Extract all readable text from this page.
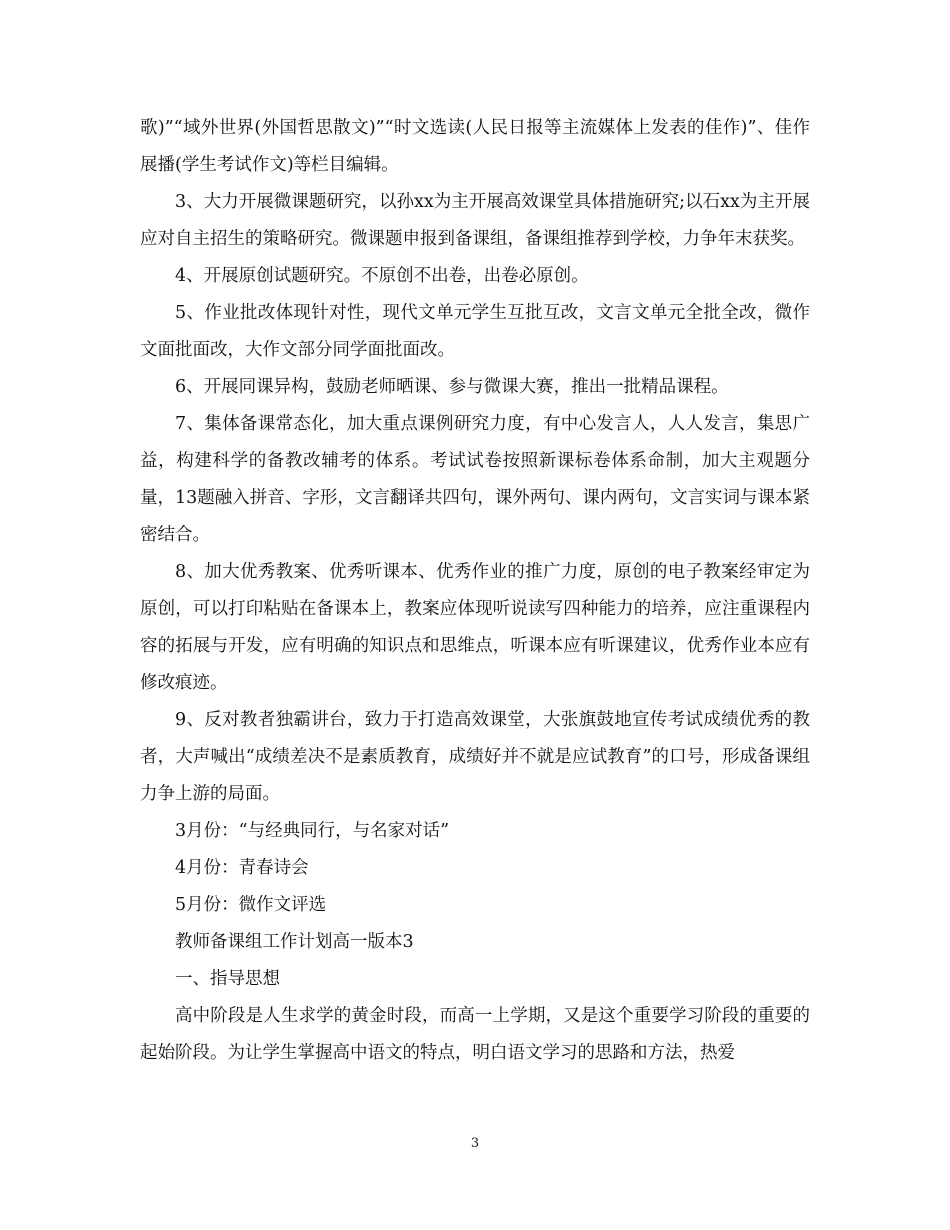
歌)”“域外世界(外国哲思散文)”“时文选读(人民日报等主流媒体上发表的佳作)”、佳作展播(学生考试作文)等栏目编辑。

3、大力开展微课题研究，以孙xx为主开展高效课堂具体措施研究;以石xx为主开展应对自主招生的策略研究。微课题申报到备课组，备课组推荐到学校，力争年末获奖。

4、开展原创试题研究。不原创不出卷，出卷必原创。

5、作业批改体现针对性，现代文单元学生互批互改，文言文单元全批全改，微作文面批面改，大作文部分同学面批面改。

6、开展同课异构，鼓励老师晒课、参与微课大赛，推出一批精品课程。

7、集体备课常态化，加大重点课例研究力度，有中心发言人，人人发言，集思广益，构建科学的备教改辅考的体系。考试试卷按照新课标卷体系命制，加大主观题分量，13题融入拼音、字形，文言翻译共四句，课外两句、课内两句，文言实词与课本紧密结合。

8、加大优秀教案、优秀听课本、优秀作业的推广力度，原创的电子教案经审定为原创，可以打印粘贴在备课本上，教案应体现听说读写四种能力的培养，应注重课程内容的拓展与开发，应有明确的知识点和思维点，听课本应有听课建议，优秀作业本应有修改痕迹。

9、反对教者独霸讲台，致力于打造高效课堂，大张旗鼓地宣传考试成绩优秀的教者，大声喊出“成绩差决不是素质教育，成绩好并不就是应试教育”的口号，形成备课组力争上游的局面。

3月份：“与经典同行，与名家对话”

4月份：青春诗会

5月份：微作文评选

教师备课组工作计划高一版本3

一、指导思想

高中阶段是人生求学的黄金时段，而高一上学期，又是这个重要学习阶段的重要的起始阶段。为让学生掌握高中语文的特点，明白语文学习的思路和方法，热爱

3
